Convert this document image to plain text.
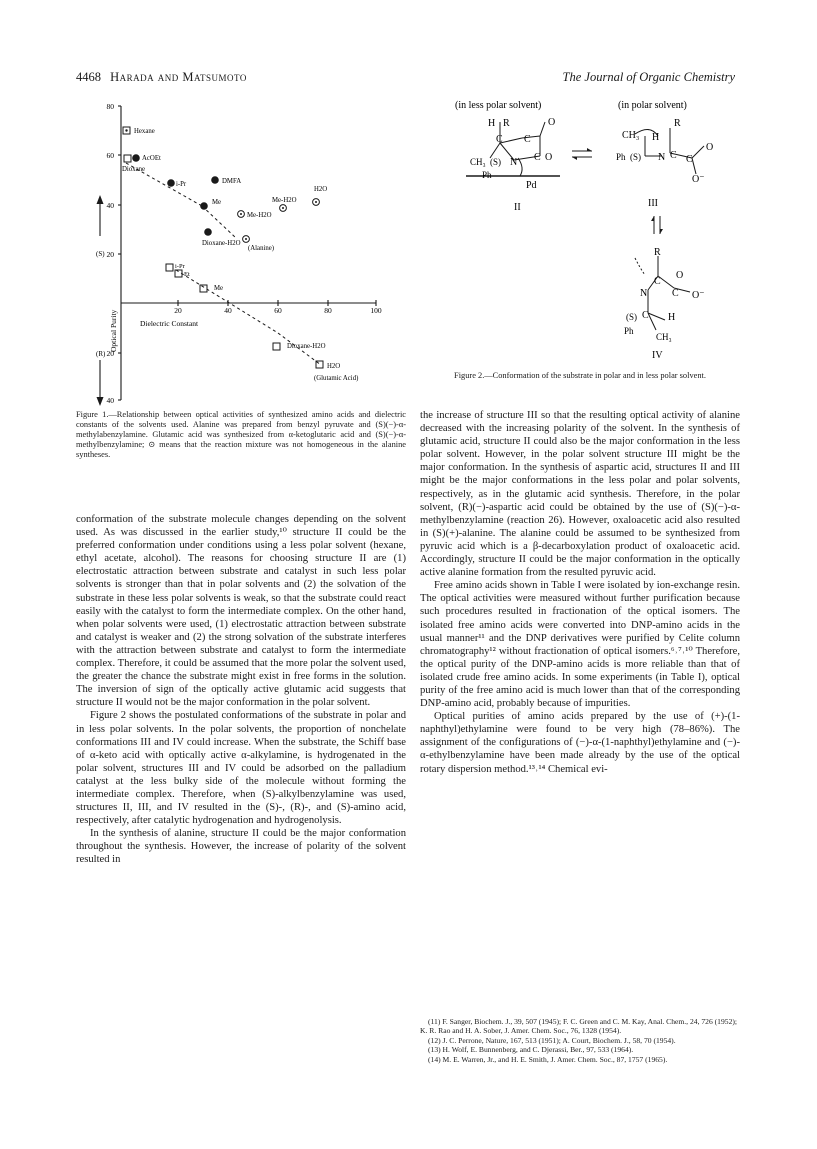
4468 Harada and Matsumoto	The Journal of Organic Chemistry
80
60
40
20
20
40
20	40	60	80	100
(S)
(R)
Optical Purity	Dielectric Constant
Hexane
AcOEt
Dioxane
i-Pr	DMFA
Me
H2O
Me-H2O
Me-H2O
Dioxane-H2O
(Alanine)
i-Pr
Et
Me
Dioxane-H2O
H2O
(Glutamic Acid)
Figure 1.—Relationship between optical activities of synthesized amino acids and dielectric constants of the solvents used. Alanine was prepared from benzyl pyruvate and (S)(−)-α-methylabenzylamine. Glutamic acid was synthesized from α-ketoglutaric acid and (S)(−)-α-methylbenzylamine; ⊙ means that the reaction mixture was not homogeneous in the alanine syntheses.
(in less polar solvent)	(in polar solvent)
H R
C
C
O
C O
CH₃ (S) N
Ph
Pd
II
CH₃ H
R
Ph (S) N C C
O
O⁻
III
R
C
O
N C O⁻
(S) C H
Ph
CH₃
IV
Figure 2.—Conformation of the substrate in polar and in less polar solvent.

conformation of the substrate molecule changes depending on the solvent used. As was discussed in the earlier study,¹⁰ structure II could be the preferred conformation under conditions using a less polar solvent (hexane, ethyl acetate, alcohol). The reasons for choosing structure II are (1) electrostatic attraction between substrate and catalyst in such less polar solvents is stronger than that in polar solvents and (2) the solvation of the substrate in these less polar solvents is weak, so that the substrate could react easily with the catalyst to form the intermediate complex. On the other hand, when polar solvents were used, (1) electrostatic attraction between substrate and catalyst is weaker and (2) the strong solvation of the substrate interferes with the attraction between substrate and catalyst to form the intermediate complex. Therefore, it could be assumed that the more polar the solvent used, the greater the chance the substrate might exist in free forms in the solution. The inversion of sign of the optically active glutamic acid suggests that structure II would not be the major conformation in the polar solvent.

Figure 2 shows the postulated conformations of the substrate in polar and in less polar solvents. In the polar solvents, the proportion of nonchelate conformations III and IV could increase. When the substrate, the Schiff base of α-keto acid with optically active α-alkylamine, is hydrogenated in the polar solvent, structures III and IV could be adsorbed on the palladium catalyst at the less bulky side of the molecule without forming the intermediate complex. Therefore, when (S)-alkylbenzylamine was used, structures II, III, and IV resulted in the (S)-, (R)-, and (S)-amino acid, respectively, after catalytic hydrogenation and hydrogenolysis.

In the synthesis of alanine, structure II could be the major conformation throughout the synthesis. However, the increase of polarity of the solvent resulted in

the increase of structure III so that the resulting optical activity of alanine decreased with the increasing polarity of the solvent. In the synthesis of glutamic acid, structure II could also be the major conformation in the less polar solvent. However, in the polar solvent structure III might be the major conformation. In the synthesis of aspartic acid, structures II and III might be the major conformations in the less polar and polar solvents, respectively, as in the glutamic acid synthesis. Therefore, in the polar solvent, (R)(−)-aspartic acid could be obtained by the use of (S)(−)-α-methylbenzylamine (reaction 26). However, oxaloacetic acid also resulted in (S)(+)-alanine. The alanine could be assumed to be synthesized from pyruvic acid which is a β-decarboxylation product of oxaloacetic acid. Accordingly, structure II could be the major conformation in the optically active alanine formation from the resulted pyruvic acid.

Free amino acids shown in Table I were isolated by ion-exchange resin. The optical activities were measured without further purification because such procedures resulted in fractionation of the optical isomers. The isolated free amino acids were converted into DNP-amino acids in the usual manner¹¹ and the DNP derivatives were purified by Celite column chromatography¹² without fractionation of optical isomers.⁶˒⁷˒¹⁰ Therefore, the optical purity of the DNP-amino acids is more reliable than that of isolated crude free amino acids. In some experiments (in Table I), optical purity of the free amino acid is much lower than that of the corresponding DNP-amino acid, probably because of impurities.

Optical purities of amino acids prepared by the use of (+)-(1-naphthyl)ethylamine were found to be very high (78–86%). The assignment of the configurations of (−)-α-(1-naphthyl)ethylamine and (−)-α-ethylbenzylamine have been made already by the use of the optical rotary dispersion method.¹³˒¹⁴ Chemical evi-

(11) F. Sanger, Biochem. J., 39, 507 (1945); F. C. Green and C. M. Kay, Anal. Chem., 24, 726 (1952); K. R. Rao and H. A. Sober, J. Amer. Chem. Soc., 76, 1328 (1954).
(12) J. C. Perrone, Nature, 167, 513 (1951); A. Court, Biochem. J., 58, 70 (1954).
(13) H. Wolf, E. Bunnenberg, and C. Djerassi, Ber., 97, 533 (1964).
(14) M. E. Warren, Jr., and H. E. Smith, J. Amer. Chem. Soc., 87, 1757 (1965).
